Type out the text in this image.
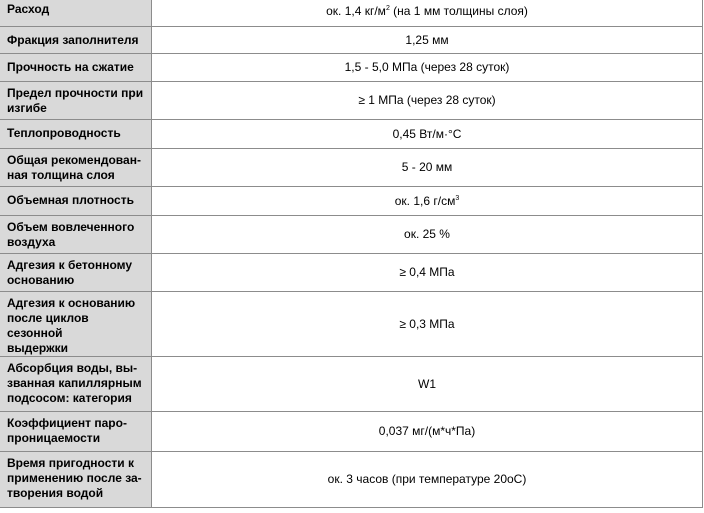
Расход	ок. 1,4 $кг/м^2$ (на 1 мм толщины слоя)
Фракция заполнителя	1,25 мм
Прочность на сжатие	1,5 - 5,0 МПа (через 28 суток)
Предел прочности при
изгибе	≥ 1 МПа (через 28 суток)
Теплопроводность	0,45 Вт/м·°С
Общая рекомендован-
ная толщина слоя	5 - 20 мм
Объемная плотность	ок. 1,6 $г/см^3$
Объем вовлеченного
воздуха	ок. 25 %
Адгезия к бетонному
основанию	≥ 0,4 МПа
Адгезия к основанию
после циклов сезонной
выдержки	≥ 0,3 МПа
Абсорбция воды, вы-
званная капиллярным
подсосом: категория	W1
Коэффициент паро-
проницаемости	0,037 мг/(м*ч*Па)
Время пригодности к
применению после за-
творения водой	ок. 3 часов (при температуре 20оС)
